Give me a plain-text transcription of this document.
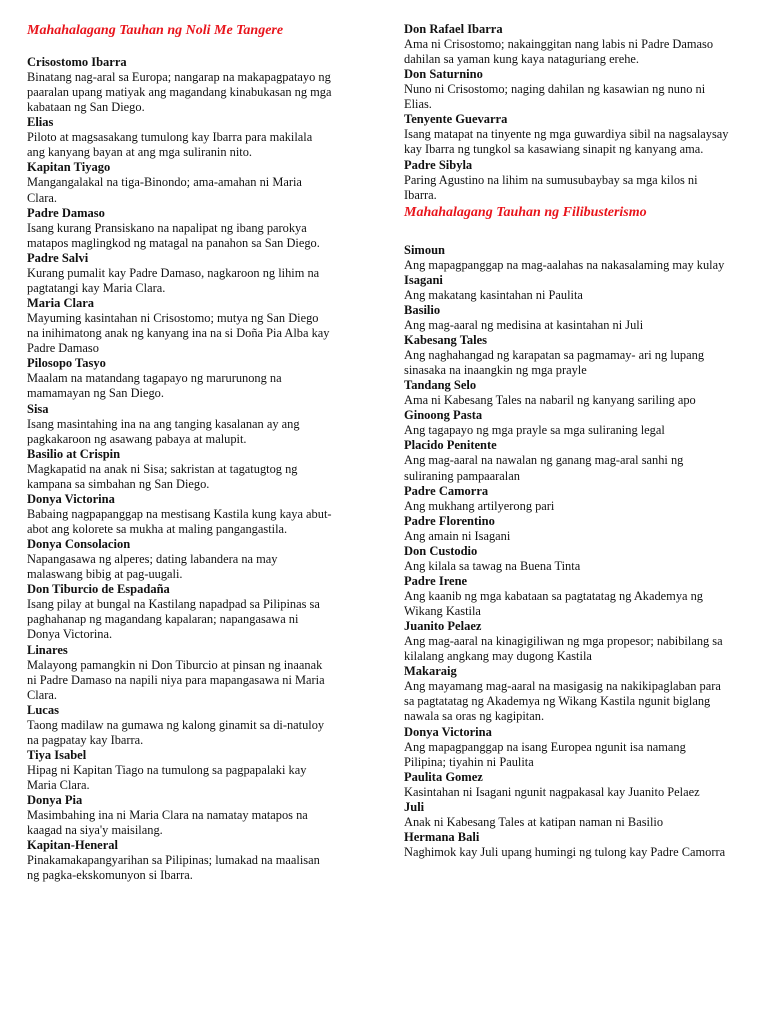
Mahahalagang Tauhan ng Noli Me Tangere
Crisostomo Ibarra
Binatang nag-aral sa Europa; nangarap na makapagpatayo ng paaralan upang matiyak ang magandang kinabukasan ng mga kabataan ng San Diego.
Elias
Piloto at magsasakang tumulong kay Ibarra para makilala ang kanyang bayan at ang mga suliranin nito.
Kapitan Tiyago
Mangangalakal na tiga-Binondo; ama-amahan ni Maria Clara.
Padre Damaso
Isang kurang Pransiskano na napalipat ng ibang parokya matapos maglingkod ng matagal na panahon sa San Diego.
Padre Salvi
Kurang pumalit kay Padre Damaso, nagkaroon ng lihim na pagtatangi kay Maria Clara.
Maria Clara
Mayuming kasintahan ni Crisostomo; mutya ng San Diego na inihimatong anak ng kanyang ina na si Doña Pia Alba kay Padre Damaso
Pilosopo Tasyo
Maalam na matandang tagapayo ng marurunong na mamamayan ng San Diego.
Sisa
Isang masintahing ina na ang tanging kasalanan ay ang pagkakaroon ng asawang pabaya at malupit.
Basilio at Crispin
Magkapatid na anak ni Sisa; sakristan at tagatugtog ng kampana sa simbahan ng San Diego.
Donya Victorina
Babaing nagpapanggap na mestisang Kastila kung kaya abut-abot ang kolorete sa mukha at maling pangangastila.
Donya Consolacion
Napangasawa ng alperes; dating labandera na may malaswang bibig at pag-uugali.
Don Tiburcio de Espadaña
Isang pilay at bungal na Kastilang napadpad sa Pilipinas sa paghahanap ng magandang kapalaran; napangasawa ni Donya Victorina.
Linares
Malayong pamangkin ni Don Tiburcio at pinsan ng inaanak ni Padre Damaso na napili niya para mapangasawa ni Maria Clara.
Lucas
Taong madilaw na gumawa ng kalong ginamit sa di-natuloy na pagpatay kay Ibarra.
Tiya Isabel
Hipag ni Kapitan Tiago na tumulong sa pagpapalaki kay Maria Clara.
Donya Pia
Masimbahing ina ni Maria Clara na namatay matapos na kaagad na siya'y maisilang.
Kapitan-Heneral
Pinakamakapangyarihan sa Pilipinas; lumakad na maalisan ng pagka-ekskomunyon si Ibarra.
Don Rafael Ibarra
Ama ni Crisostomo; nakainggitan nang labis ni Padre Damaso dahilan sa yaman kung kaya nataguriang erehe.
Don Saturnino
Nuno ni Crisostomo; naging dahilan ng kasawian ng nuno ni Elias.
Tenyente Guevarra
Isang matapat na tinyente ng mga guwardiya sibil na nagsalaysay kay Ibarra ng tungkol sa kasawiang sinapit ng kanyang ama.
Padre Sibyla
Paring Agustino na lihim na sumusubaybay sa mga kilos ni Ibarra.
Mahahalagang Tauhan ng Filibusterismo
Simoun
Ang mapagpanggap na mag-aalahas na nakasalaming may kulay
Isagani
Ang makatang kasintahan ni Paulita
Basilio
Ang mag-aaral ng medisina at kasintahan ni Juli
Kabesang Tales
Ang naghahangad ng karapatan sa pagmamay- ari ng lupang sinasaka na inaangkin ng mga prayle
Tandang Selo
Ama ni Kabesang Tales na nabaril ng kanyang sariling apo
Ginoong Pasta
Ang tagapayo ng mga prayle sa mga suliraning legal
Placido Penitente
Ang mag-aaral na nawalan ng ganang mag-aral sanhi ng suliraning pampaaralan
Padre Camorra
Ang mukhang artilyerong pari
Padre Florentino
Ang amain ni Isagani
Don Custodio
Ang kilala sa tawag na Buena Tinta
Padre Irene
Ang kaanib ng mga kabataan sa pagtatatag ng Akademya ng Wikang Kastila
Juanito Pelaez
Ang mag-aaral na kinagigiliwan ng mga propesor; nabibilang sa kilalang angkang may dugong Kastila
Makaraig
Ang mayamang mag-aaral na masigasig na nakikipaglaban para sa pagtatatag ng Akademya ng Wikang Kastila ngunit biglang nawala sa oras ng kagipitan.
Donya Victorina
Ang mapagpanggap na isang Europea ngunit isa namang Pilipina; tiyahin ni Paulita
Paulita Gomez
Kasintahan ni Isagani ngunit nagpakasal kay Juanito Pelaez
Juli
Anak ni Kabesang Tales at katipan naman ni Basilio
Hermana Bali
Naghimok kay Juli upang humingi ng tulong kay Padre Camorra
